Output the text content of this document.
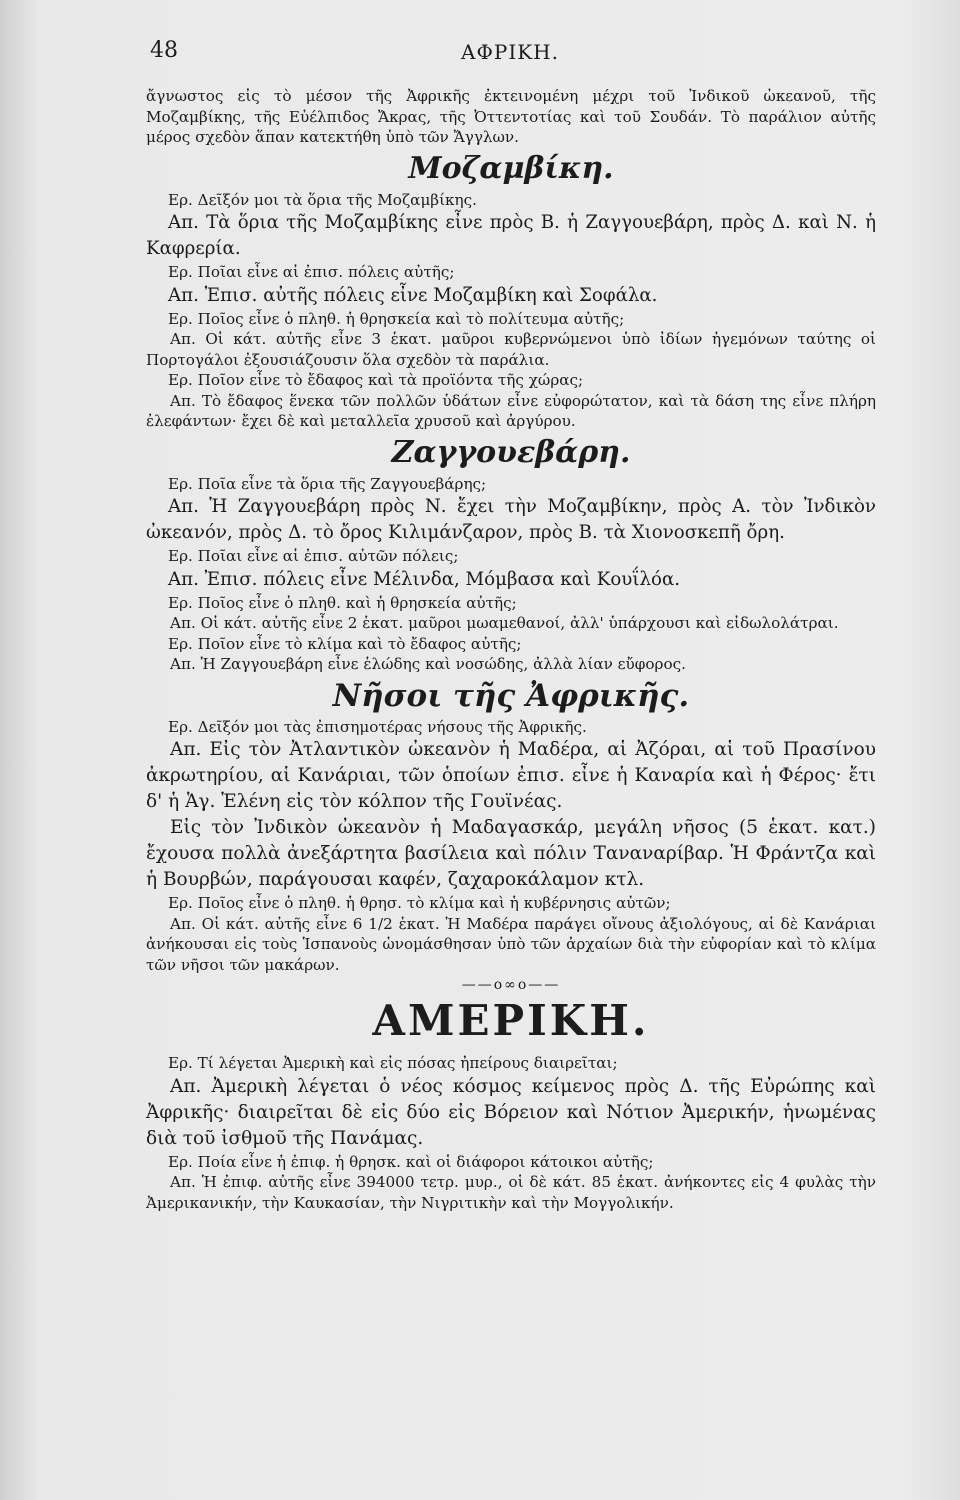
48	ΑΦΡΙΚΗ.

ἄγνωστος εἰς τὸ μέσον τῆς Ἀφρικῆς ἐκτεινομένη μέχρι τοῦ Ἰνδικοῦ ὠκεανοῦ, τῆς Μοζαμβίκης, τῆς Εὐέλπιδος Ἄκρας, τῆς Ὀττεντοτίας καὶ τοῦ Σουδάν. Τὸ παράλιον αὐτῆς μέρος σχεδὸν ἅπαν κατεκτήθη ὑπὸ τῶν Ἄγγλων.

Μοζαμβίκη.

Ερ. Δεῖξόν μοι τὰ ὅρια τῆς Μοζαμβίκης.

Απ. Τὰ ὅρια τῆς Μοζαμβίκης εἶνε πρὸς Β. ἡ Ζαγγουεβάρη, πρὸς Δ. καὶ Ν. ἡ Καφρερία.

Ερ. Ποῖαι εἶνε αἱ ἐπισ. πόλεις αὐτῆς;

Απ. Ἐπισ. αὐτῆς πόλεις εἶνε Μοζαμβίκη καὶ Σοφάλα.

Ερ. Ποῖος εἶνε ὁ πληθ. ἡ θρησκεία καὶ τὸ πολίτευμα αὐτῆς;

Απ. Οἱ κάτ. αὐτῆς εἶνε 3 ἑκατ. μαῦροι κυβερνώμενοι ὑπὸ ἰδίων ἡγεμόνων ταύτης οἱ Πορτογάλοι ἐξουσιάζουσιν ὅλα σχεδὸν τὰ παράλια.

Ερ. Ποῖον εἶνε τὸ ἔδαφος καὶ τὰ προϊόντα τῆς χώρας;

Απ. Τὸ ἔδαφος ἕνεκα τῶν πολλῶν ὑδάτων εἶνε εὐφορώτατον, καὶ τὰ δάση της εἶνε πλήρη ἐλεφάντων· ἔχει δὲ καὶ μεταλλεῖα χρυσοῦ καὶ ἀργύρου.

Ζαγγουεβάρη.

Ερ. Ποῖα εἶνε τὰ ὅρια τῆς Ζαγγουεβάρης;

Απ. Ἡ Ζαγγουεβάρη πρὸς Ν. ἔχει τὴν Μοζαμβίκην, πρὸς Α. τὸν Ἰνδικὸν ὠκεανόν, πρὸς Δ. τὸ ὄρος Κιλιμάνζαρον, πρὸς Β. τὰ Χιονοσκεπῆ ὄρη.

Ερ. Ποῖαι εἶνε αἱ ἐπισ. αὐτῶν πόλεις;

Απ. Ἐπισ. πόλεις εἶνε Μέλινδα, Μόμβασα καὶ Κουΐλόα.

Ερ. Ποῖος εἶνε ὁ πληθ. καὶ ἡ θρησκεία αὐτῆς;

Απ. Οἱ κάτ. αὐτῆς εἶνε 2 ἑκατ. μαῦροι μωαμεθανοί, ἀλλ' ὑπάρχουσι καὶ εἰδωλολάτραι.

Ερ. Ποῖον εἶνε τὸ κλίμα καὶ τὸ ἔδαφος αὐτῆς;

Απ. Ἡ Ζαγγουεβάρη εἶνε ἑλώδης καὶ νοσώδης, ἀλλὰ λίαν εὔφορος.

Νῆσοι τῆς Ἀφρικῆς.

Ερ. Δεῖξόν μοι τὰς ἐπισημοτέρας νήσους τῆς Ἀφρικῆς.

Απ. Εἰς τὸν Ἀτλαντικὸν ὠκεανὸν ἡ Μαδέρα, αἱ Ἀζόραι, αἱ τοῦ Πρασίνου ἀκρωτηρίου, αἱ Κανάριαι, τῶν ὁποίων ἐπισ. εἶνε ἡ Καναρία καὶ ἡ Φέρος· ἔτι δ' ἡ Ἁγ. Ἑλένη εἰς τὸν κόλπον τῆς Γουϊνέας.

Εἰς τὸν Ἰνδικὸν ὠκεανὸν ἡ Μαδαγασκάρ, μεγάλη νῆσος (5 ἑκατ. κατ.) ἔχουσα πολλὰ ἀνεξάρτητα βασίλεια καὶ πόλιν Ταναναρίβαρ. Ἡ Φράντζα καὶ ἡ Βουρβών, παράγουσαι καφέν, ζαχαροκάλαμον κτλ.

Ερ. Ποῖος εἶνε ὁ πληθ. ἡ θρησ. τὸ κλίμα καὶ ἡ κυβέρνησις αὐτῶν;

Απ. Οἱ κάτ. αὐτῆς εἶνε 6 1/2 ἑκατ. Ἡ Μαδέρα παράγει οἴνους ἀξιολόγους, αἱ δὲ Κανάριαι ἀνήκουσαι εἰς τοὺς Ἱσπανοὺς ὠνομάσθησαν ὑπὸ τῶν ἀρχαίων διὰ τὴν εὐφορίαν καὶ τὸ κλίμα τῶν νῆσοι τῶν μακάρων.

——o∞o——
ΑΜΕΡΙΚΗ.

Ερ. Τί λέγεται Ἀμερικὴ καὶ εἰς πόσας ἠπείρους διαιρεῖται;

Απ. Ἀμερικὴ λέγεται ὁ νέος κόσμος κείμενος πρὸς Δ. τῆς Εὐρώπης καὶ Ἀφρικῆς· διαιρεῖται δὲ εἰς δύο εἰς Βόρειον καὶ Νότιον Ἀμερικήν, ἡνωμένας διὰ τοῦ ἰσθμοῦ τῆς Πανάμας.

Ερ. Ποία εἶνε ἡ ἐπιφ. ἡ θρησκ. καὶ οἱ διάφοροι κάτοικοι αὐτῆς;

Απ. Ἡ ἐπιφ. αὐτῆς εἶνε 394000 τετρ. μυρ., οἱ δὲ κάτ. 85 ἑκατ. ἀνήκοντες εἰς 4 φυλὰς τὴν Ἀμερικανικήν, τὴν Καυκασίαν, τὴν Νιγριτικὴν καὶ τὴν Μογγολικήν.
